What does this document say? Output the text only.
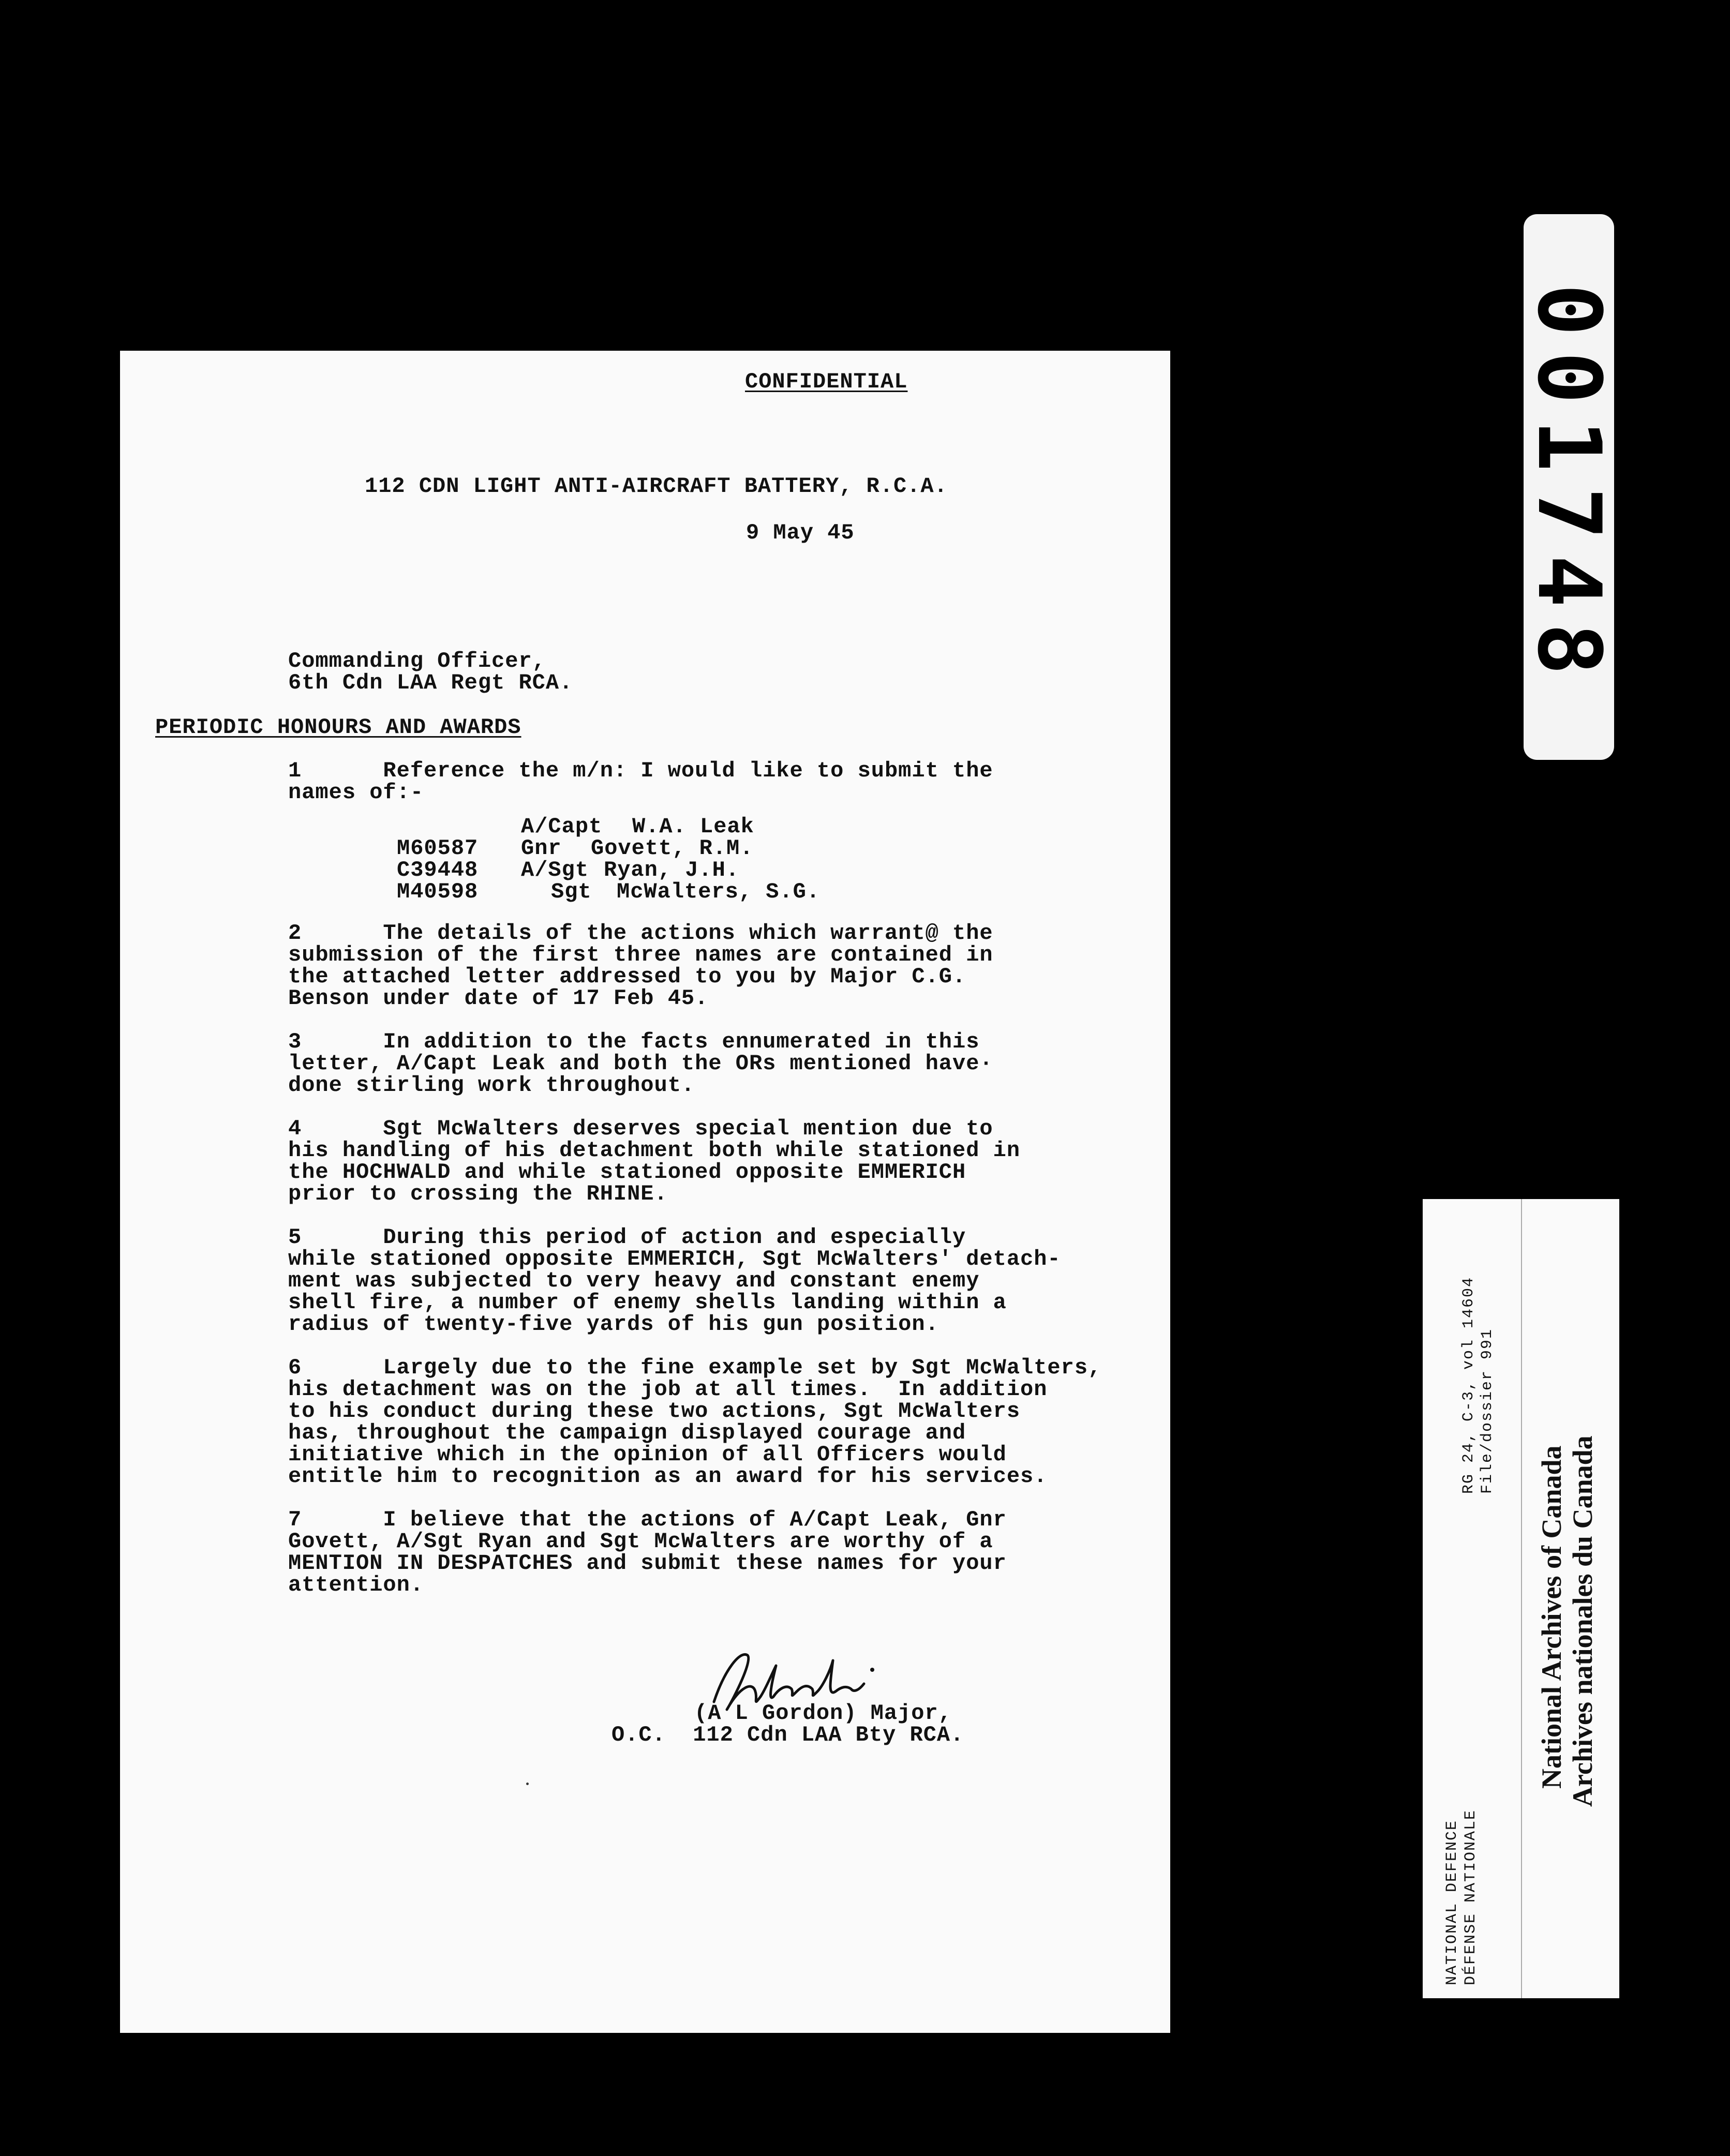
CONFIDENTIAL
112 CDN LIGHT ANTI-AIRCRAFT BATTERY, R.C.A.
9 May 45
Commanding Officer,
6th Cdn LAA Regt RCA.
PERIODIC HONOURS AND AWARDS
1      Reference the m/n: I would like to submit the
names of:-
A/Capt W.A. Leak
M60587 Gnr Govett, R.M.
C39448 A/Sgt Ryan, J.H.
M40598	Sgt McWalters, S.G.
2      The details of the actions which warrant@ the
submission of the first three names are contained in
the attached letter addressed to you by Major C.G.
Benson under date of 17 Feb 45.
3      In addition to the facts ennumerated in this
letter, A/Capt Leak and both the ORs mentioned have·
done stirling work throughout.
4      Sgt McWalters deserves special mention due to
his handling of his detachment both while stationed in
the HOCHWALD and while stationed opposite EMMERICH
prior to crossing the RHINE.
5      During this period of action and especially
while stationed opposite EMMERICH, Sgt McWalters' detach-
ment was subjected to very heavy and constant enemy
shell fire, a number of enemy shells landing within a
radius of twenty-five yards of his gun position.
6      Largely due to the fine example set by Sgt McWalters,
his detachment was on the job at all times.  In addition
to his conduct during these two actions, Sgt McWalters
has, throughout the campaign displayed courage and
initiative which in the opinion of all Officers would
entitle him to recognition as an award for his services.
7      I believe that the actions of A/Capt Leak, Gnr
Govett, A/Sgt Ryan and Sgt McWalters are worthy of a
MENTION IN DESPATCHES and submit these names for your
attention.
(A L Gordon) Major,
O.C.  112 Cdn LAA Bty RCA.
001748
NATIONAL DEFENCE DÉFENSE NATIONALE
RG 24, C-3, vol 14604 File/dossier 991
National Archives of Canada Archives nationales du Canada
